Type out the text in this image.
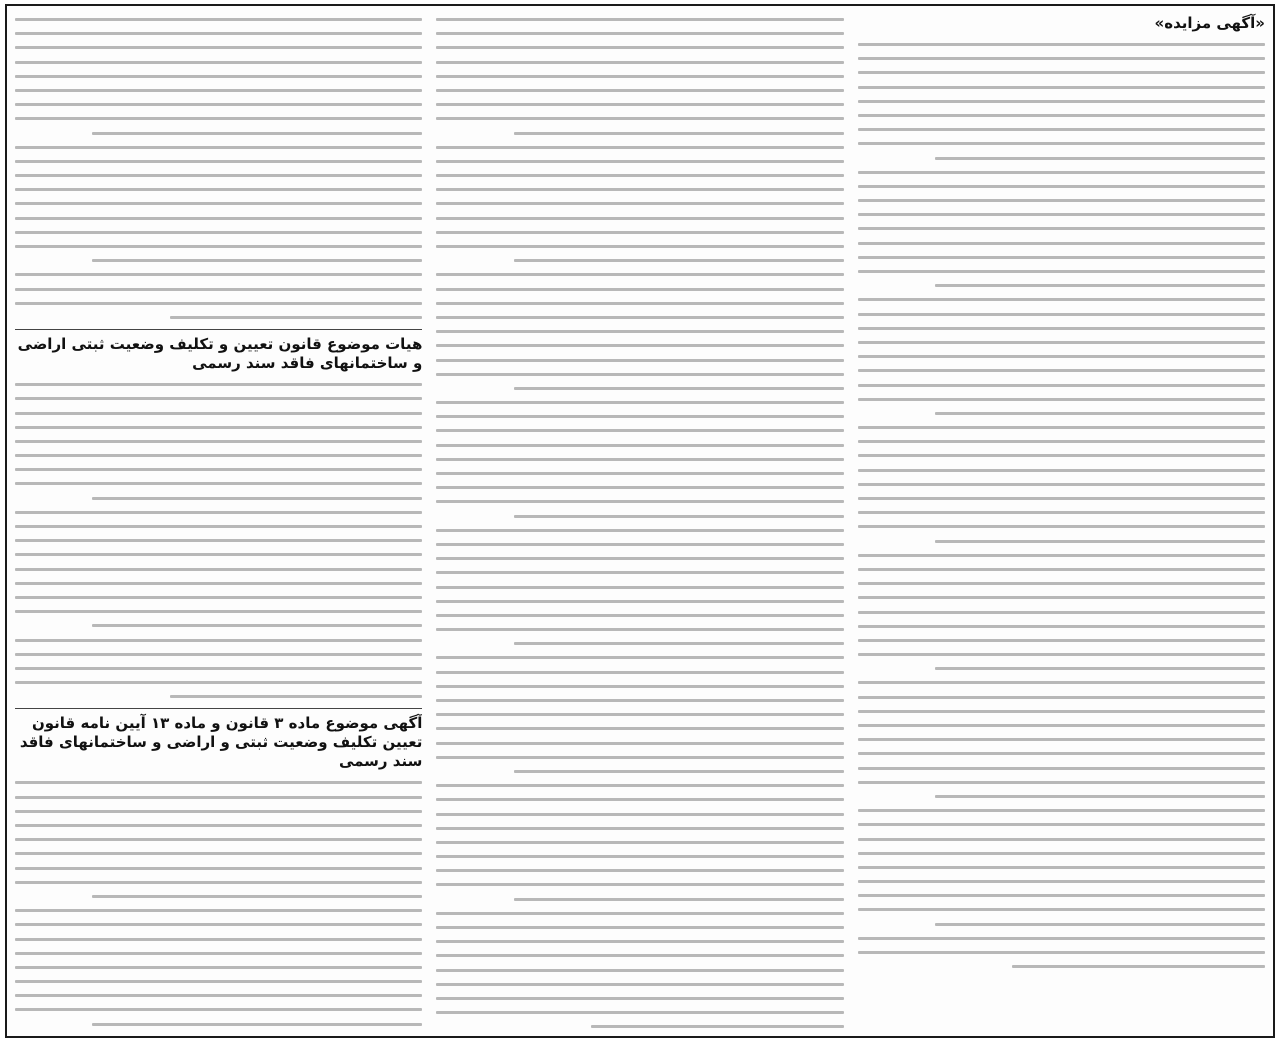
«آگهی مزایده»
هیات موضوع قانون تعیین و تکلیف وضعیت ثبتی اراضی و ساختمانهای فاقد سند رسمی
آگهی موضوع ماده ۳ قانون و ماده ۱۳ آیین نامه قانون تعیین تکلیف وضعیت ثبتی و اراضی و ساختمانهای فاقد سند رسمی
